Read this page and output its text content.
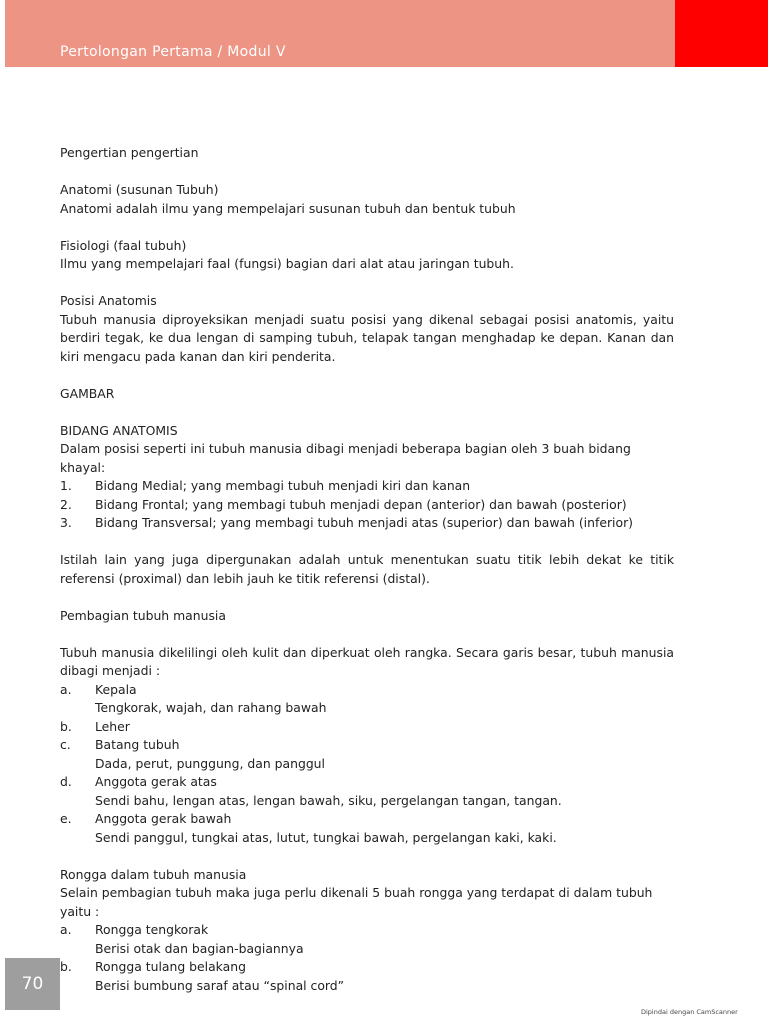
Pertolongan Pertama / Modul V

Pengertian pengertian

Anatomi (susunan Tubuh)

Anatomi adalah ilmu yang mempelajari susunan tubuh dan bentuk tubuh

Fisiologi (faal tubuh)

Ilmu yang mempelajari faal (fungsi) bagian dari alat atau jaringan tubuh.

Posisi Anatomis

Tubuh manusia diproyeksikan menjadi suatu posisi yang dikenal sebagai posisi anatomis, yaitu berdiri tegak, ke dua lengan di samping tubuh, telapak tangan menghadap ke depan. Kanan dan kiri mengacu pada kanan dan kiri penderita.

GAMBAR

BIDANG ANATOMIS

Dalam posisi seperti ini tubuh manusia dibagi menjadi beberapa bagian oleh 3 buah bidang khayal:

1.	Bidang Medial; yang membagi tubuh menjadi kiri dan kanan
2.	Bidang Frontal; yang membagi tubuh menjadi depan (anterior) dan bawah (posterior)
3.	Bidang Transversal; yang membagi tubuh menjadi atas (superior) dan bawah (inferior)

Istilah lain yang juga dipergunakan adalah untuk menentukan suatu titik lebih dekat ke titik referensi (proximal) dan lebih jauh ke titik referensi (distal).

Pembagian tubuh manusia

Tubuh manusia dikelilingi oleh kulit dan diperkuat oleh rangka. Secara garis besar, tubuh manusia dibagi menjadi :

a.	Kepala

Tengkorak, wajah, dan rahang bawah

b.	Leher
c.	Batang tubuh

Dada, perut, punggung, dan panggul

d.	Anggota gerak atas

Sendi bahu, lengan atas, lengan bawah, siku, pergelangan tangan, tangan.

e.	Anggota gerak bawah

Sendi panggul, tungkai atas, lutut, tungkai bawah, pergelangan kaki, kaki.

Rongga dalam tubuh manusia

Selain pembagian tubuh maka juga perlu dikenali 5 buah rongga yang terdapat di dalam tubuh yaitu :

a.	Rongga tengkorak

Berisi otak dan bagian-bagiannya

b.	Rongga tulang belakang

Berisi bumbung saraf atau “spinal cord”

70
Dipindai dengan CamScanner
